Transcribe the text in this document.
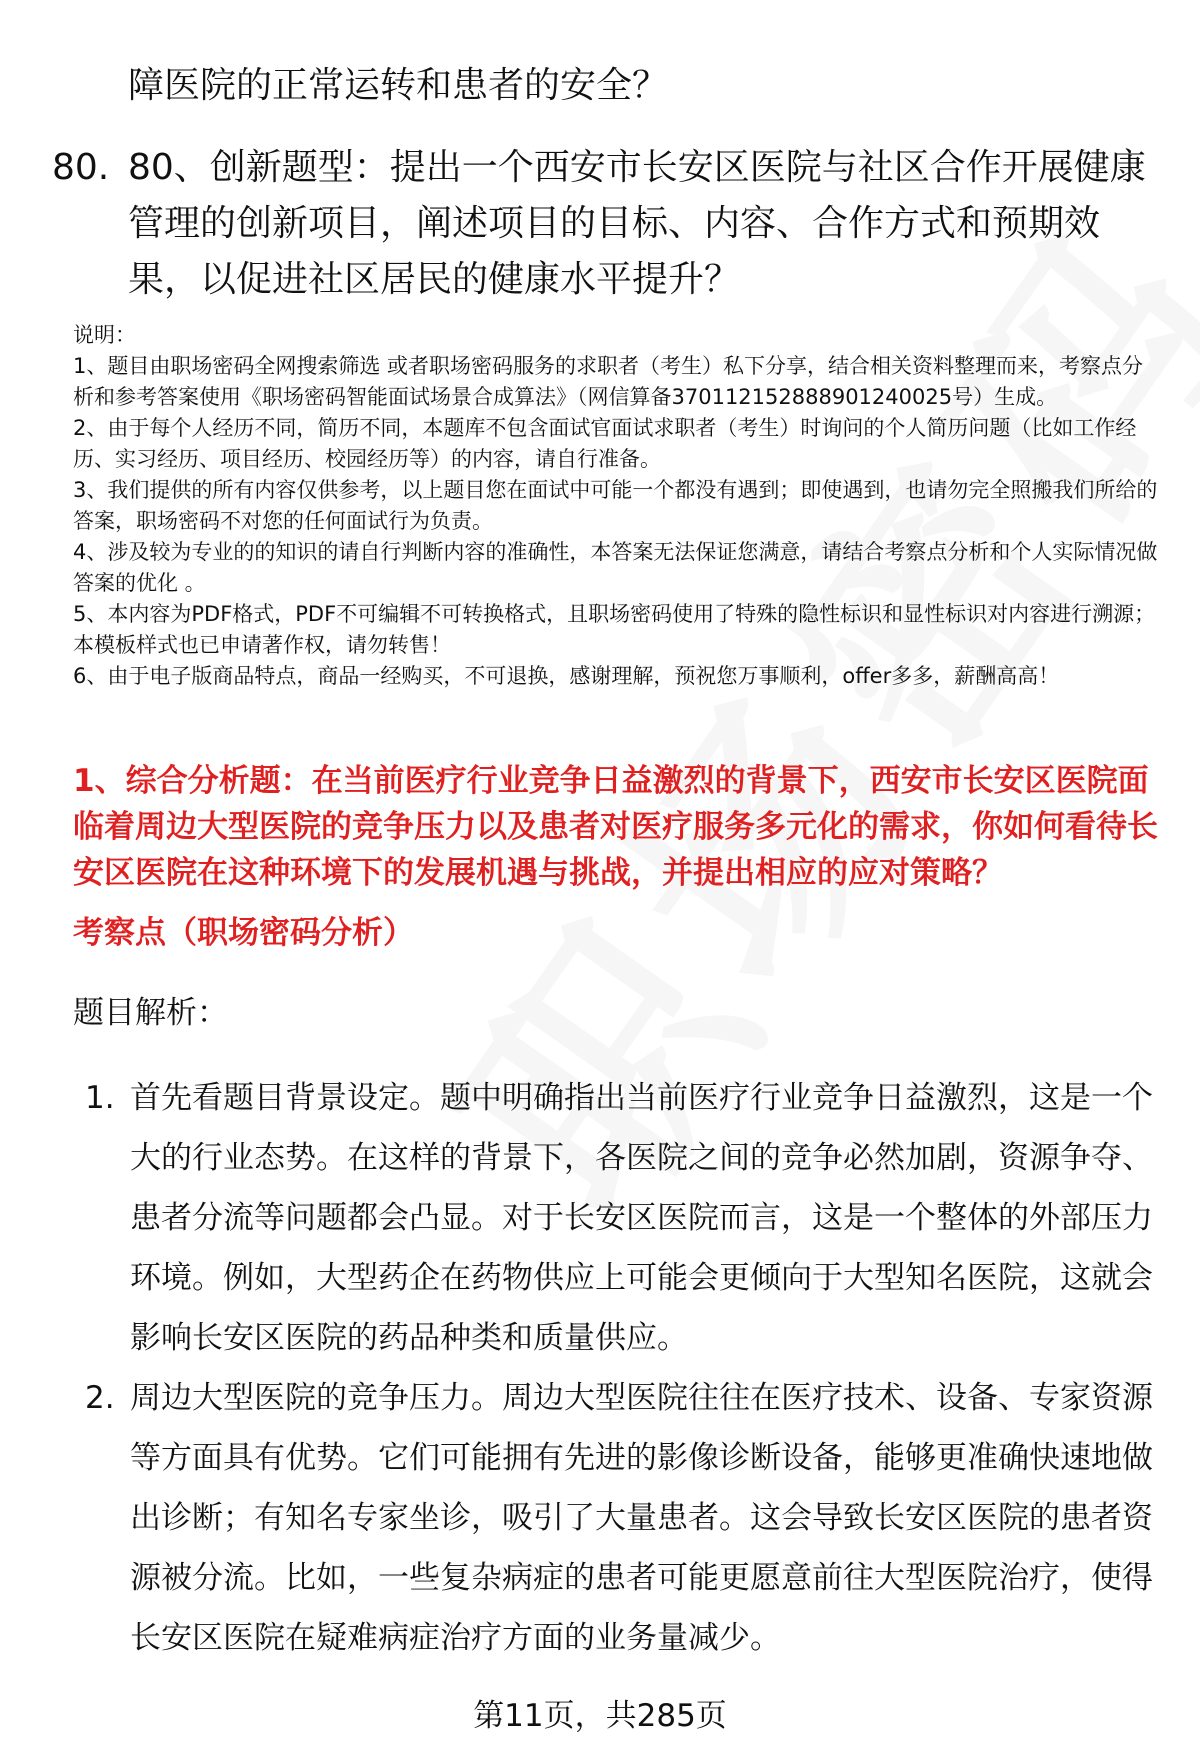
障医院的正常运转和患者的安全？

80. 80、创新题型：提出一个西安市长安区医院与社区合作开展健康管理的创新项目，阐述项目的目标、内容、合作方式和预期效果，以促进社区居民的健康水平提升？

说明：

1、题目由职场密码全网搜索筛选 或者职场密码服务的求职者（考生）私下分享，结合相关资料整理而来，考察点分析和参考答案使用《职场密码智能面试场景合成算法》（网信算备370112152888901240025号）生成。

2、由于每个人经历不同，简历不同，本题库不包含面试官面试求职者（考生）时询问的个人简历问题（比如工作经历、实习经历、项目经历、校园经历等）的内容，请自行准备。

3、我们提供的所有内容仅供参考，以上题目您在面试中可能一个都没有遇到；即使遇到，也请勿完全照搬我们所给的答案，职场密码不对您的任何面试行为负责。

4、涉及较为专业的的知识的请自行判断内容的准确性，本答案无法保证您满意，请结合考察点分析和个人实际情况做答案的优化 。

5、本内容为PDF格式，PDF不可编辑不可转换格式，且职场密码使用了特殊的隐性标识和显性标识对内容进行溯源；本模板样式也已申请著作权，请勿转售！

6、由于电子版商品特点，商品一经购买，不可退换，感谢理解，预祝您万事顺利，offer多多，薪酬高高！

1、综合分析题：在当前医疗行业竞争日益激烈的背景下，西安市长安区医院面临着周边大型医院的竞争压力以及患者对医疗服务多元化的需求，你如何看待长安区医院在这种环境下的发展机遇与挑战，并提出相应的应对策略？

考察点（职场密码分析）

题目解析：

1. 首先看题目背景设定。题中明确指出当前医疗行业竞争日益激烈，这是一个大的行业态势。在这样的背景下，各医院之间的竞争必然加剧，资源争夺、患者分流等问题都会凸显。对于长安区医院而言，这是一个整体的外部压力环境。例如，大型药企在药物供应上可能会更倾向于大型知名医院，这就会影响长安区医院的药品种类和质量供应。
2. 周边大型医院的竞争压力。周边大型医院往往在医疗技术、设备、专家资源等方面具有优势。它们可能拥有先进的影像诊断设备，能够更准确快速地做出诊断；有知名专家坐诊，吸引了大量患者。这会导致长安区医院的患者资源被分流。比如，一些复杂病症的患者可能更愿意前往大型医院治疗，使得长安区医院在疑难病症治疗方面的业务量减少。
第11页，共285页
